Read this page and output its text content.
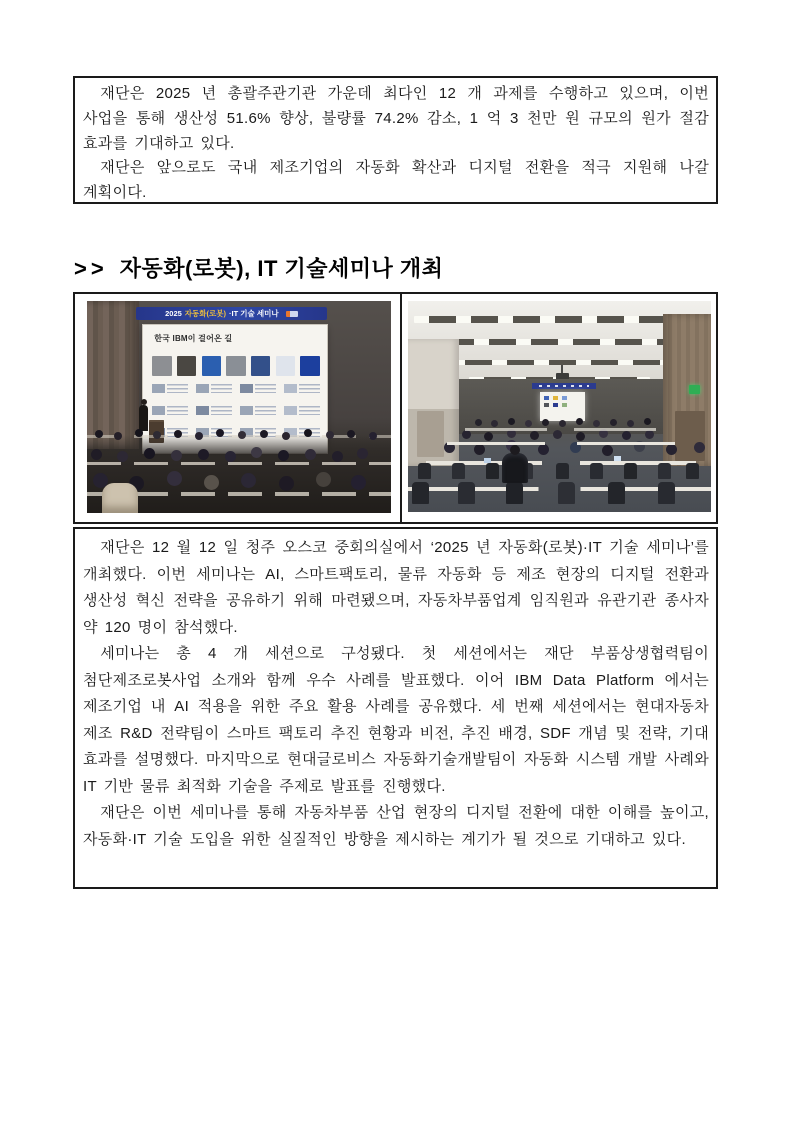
재단은 2025 년 총괄주관기관 가운데 최다인 12 개 과제를 수행하고 있으며, 이번 사업을 통해 생산성 51.6% 향상, 불량률 74.2% 감소, 1 억 3 천만 원 규모의 원가 절감 효과를 기대하고 있다.

재단은 앞으로도 국내 제조기업의 자동화 확산과 디지털 전환을 적극 지원해 나갈 계획이다.

>> 자동화(로봇), IT 기술세미나 개최
2025 자동화(로봇) ·IT 기술 세미나
한국 IBM이 걸어온 길

재단은 12 월 12 일 청주 오스코 중회의실에서 ‘2025 년 자동화(로봇)·IT 기술 세미나’를 개최했다. 이번 세미나는 AI, 스마트팩토리, 물류 자동화 등 제조 현장의 디지털 전환과 생산성 혁신 전략을 공유하기 위해 마련됐으며, 자동차부품업계 임직원과 유관기관 종사자 약 120 명이 참석했다.

세미나는 총 4 개 세션으로 구성됐다. 첫 세션에서는 재단 부품상생협력팀이 첨단제조로봇사업 소개와 함께 우수 사례를 발표했다. 이어 IBM Data Platform 에서는 제조기업 내 AI 적용을 위한 주요 활용 사례를 공유했다. 세 번째 세션에서는 현대자동차 제조 R&D 전략팀이 스마트 팩토리 추진 현황과 비전, 추진 배경, SDF 개념 및 전략, 기대 효과를 설명했다. 마지막으로 현대글로비스 자동화기술개발팀이 자동화 시스템 개발 사례와 IT 기반 물류 최적화 기술을 주제로 발표를 진행했다.

재단은 이번 세미나를 통해 자동차부품 산업 현장의 디지털 전환에 대한 이해를 높이고, 자동화·IT 기술 도입을 위한 실질적인 방향을 제시하는 계기가 될 것으로 기대하고 있다.
